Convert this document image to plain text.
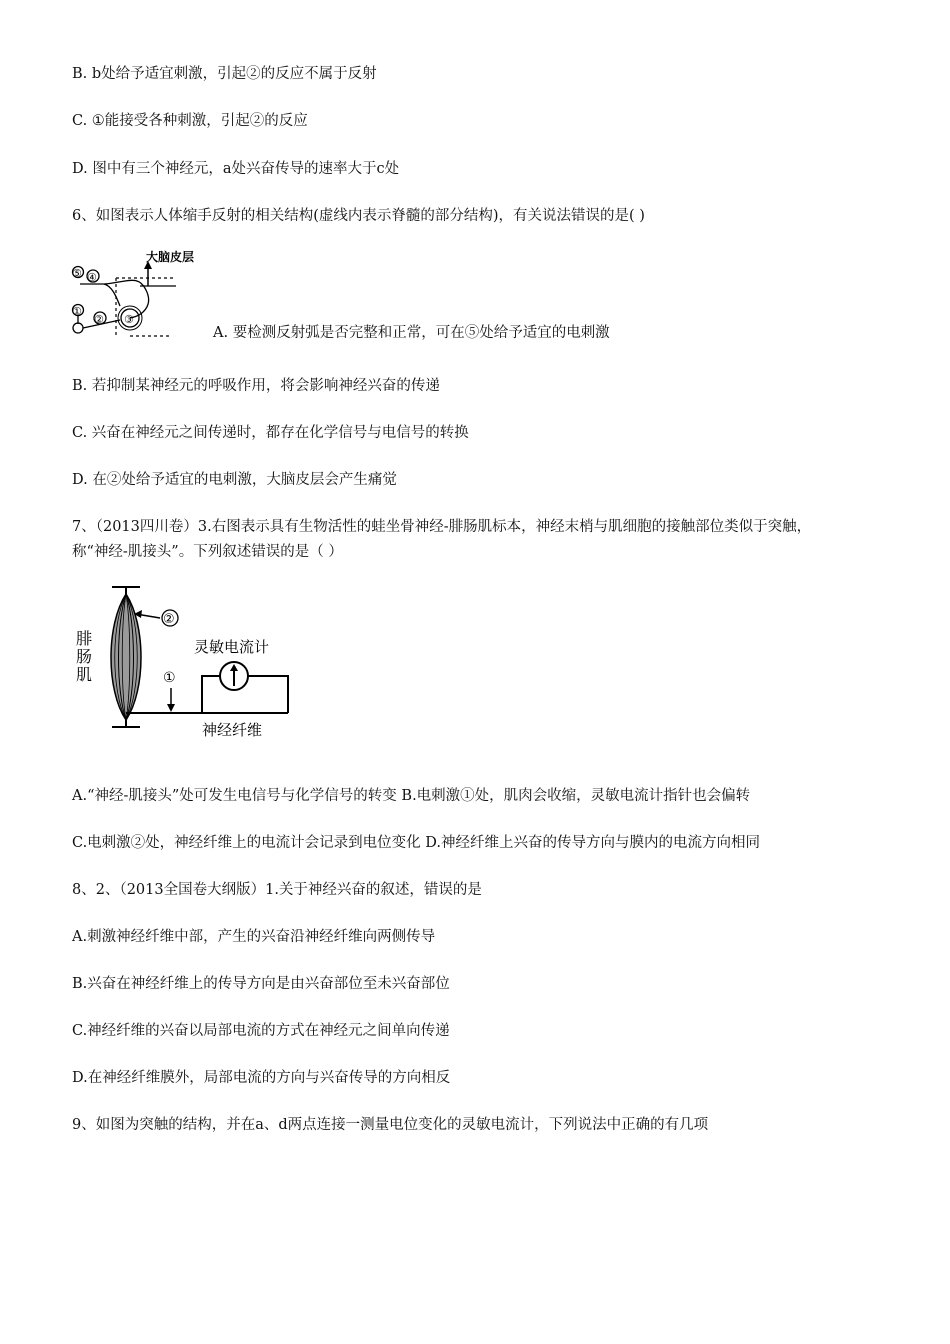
B. b处给予适宜刺激，引起②的反应不属于反射
C. ①能接受各种刺激，引起②的反应
D. 图中有三个神经元，a处兴奋传导的速率大于c处
6、如图表示人体缩手反射的相关结构(虚线内表示脊髓的部分结构)，有关说法错误的是( )
大脑皮层
⑤ ④
①
② ③
A. 要检测反射弧是否完整和正常，可在⑤处给予适宜的电刺激
B. 若抑制某神经元的呼吸作用，将会影响神经兴奋的传递
C. 兴奋在神经元之间传递时，都存在化学信号与电信号的转换
D. 在②处给予适宜的电刺激，大脑皮层会产生痛觉
7、（2013四川卷）3.右图表示具有生物活性的蛙坐骨神经-腓肠肌标本，神经末梢与肌细胞的接触部位类似于突触，
称“神经-肌接头”。下列叙述错误的是（ ）
腓
肠
肌
②
①
灵敏电流计
神经纤维
A.“神经-肌接头”处可发生电信号与化学信号的转变 B.电刺激①处，肌肉会收缩，灵敏电流计指针也会偏转
C.电刺激②处，神经纤维上的电流计会记录到电位变化 D.神经纤维上兴奋的传导方向与膜内的电流方向相同
8、2、（2013全国卷大纲版）1.关于神经兴奋的叙述，错误的是
A.刺激神经纤维中部，产生的兴奋沿神经纤维向两侧传导
B.兴奋在神经纤维上的传导方向是由兴奋部位至未兴奋部位
C.神经纤维的兴奋以局部电流的方式在神经元之间单向传递
D.在神经纤维膜外，局部电流的方向与兴奋传导的方向相反
9、如图为突触的结构，并在a、d两点连接一测量电位变化的灵敏电流计，下列说法中正确的有几项
